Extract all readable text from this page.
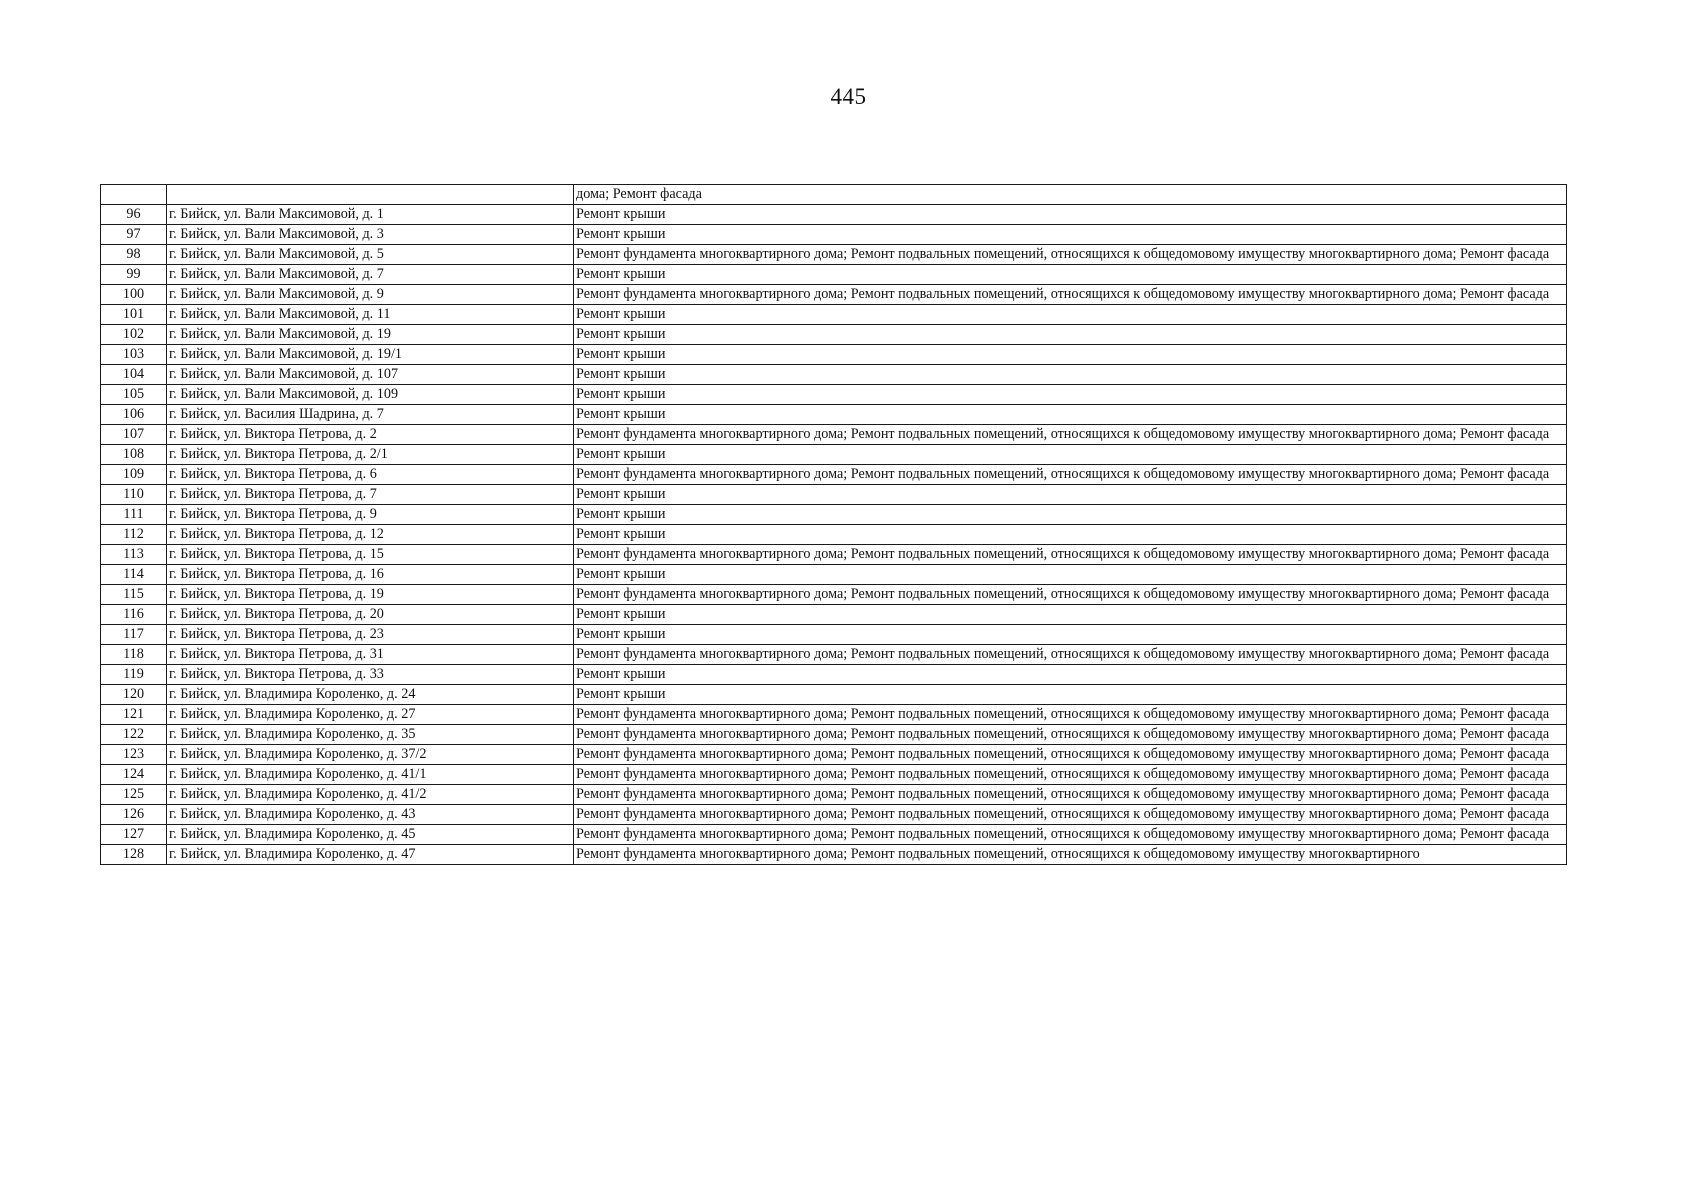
445
		дома; Ремонт фасада
96	г. Бийск, ул. Вали Максимовой, д. 1	Ремонт крыши
97	г. Бийск, ул. Вали Максимовой, д. 3	Ремонт крыши
98	г. Бийск, ул. Вали Максимовой, д. 5	Ремонт фундамента многоквартирного дома; Ремонт подвальных помещений, относящихся к общедомовому имуществу многоквартирного дома; Ремонт фасада
99	г. Бийск, ул. Вали Максимовой, д. 7	Ремонт крыши
100	г. Бийск, ул. Вали Максимовой, д. 9	Ремонт фундамента многоквартирного дома; Ремонт подвальных помещений, относящихся к общедомовому имуществу многоквартирного дома; Ремонт фасада
101	г. Бийск, ул. Вали Максимовой, д. 11	Ремонт крыши
102	г. Бийск, ул. Вали Максимовой, д. 19	Ремонт крыши
103	г. Бийск, ул. Вали Максимовой, д. 19/1	Ремонт крыши
104	г. Бийск, ул. Вали Максимовой, д. 107	Ремонт крыши
105	г. Бийск, ул. Вали Максимовой, д. 109	Ремонт крыши
106	г. Бийск, ул. Василия Шадрина, д. 7	Ремонт крыши
107	г. Бийск, ул. Виктора Петрова, д. 2	Ремонт фундамента многоквартирного дома; Ремонт подвальных помещений, относящихся к общедомовому имуществу многоквартирного дома; Ремонт фасада
108	г. Бийск, ул. Виктора Петрова, д. 2/1	Ремонт крыши
109	г. Бийск, ул. Виктора Петрова, д. 6	Ремонт фундамента многоквартирного дома; Ремонт подвальных помещений, относящихся к общедомовому имуществу многоквартирного дома; Ремонт фасада
110	г. Бийск, ул. Виктора Петрова, д. 7	Ремонт крыши
111	г. Бийск, ул. Виктора Петрова, д. 9	Ремонт крыши
112	г. Бийск, ул. Виктора Петрова, д. 12	Ремонт крыши
113	г. Бийск, ул. Виктора Петрова, д. 15	Ремонт фундамента многоквартирного дома; Ремонт подвальных помещений, относящихся к общедомовому имуществу многоквартирного дома; Ремонт фасада
114	г. Бийск, ул. Виктора Петрова, д. 16	Ремонт крыши
115	г. Бийск, ул. Виктора Петрова, д. 19	Ремонт фундамента многоквартирного дома; Ремонт подвальных помещений, относящихся к общедомовому имуществу многоквартирного дома; Ремонт фасада
116	г. Бийск, ул. Виктора Петрова, д. 20	Ремонт крыши
117	г. Бийск, ул. Виктора Петрова, д. 23	Ремонт крыши
118	г. Бийск, ул. Виктора Петрова, д. 31	Ремонт фундамента многоквартирного дома; Ремонт подвальных помещений, относящихся к общедомовому имуществу многоквартирного дома; Ремонт фасада
119	г. Бийск, ул. Виктора Петрова, д. 33	Ремонт крыши
120	г. Бийск, ул. Владимира Короленко, д. 24	Ремонт крыши
121	г. Бийск, ул. Владимира Короленко, д. 27	Ремонт фундамента многоквартирного дома; Ремонт подвальных помещений, относящихся к общедомовому имуществу многоквартирного дома; Ремонт фасада
122	г. Бийск, ул. Владимира Короленко, д. 35	Ремонт фундамента многоквартирного дома; Ремонт подвальных помещений, относящихся к общедомовому имуществу многоквартирного дома; Ремонт фасада
123	г. Бийск, ул. Владимира Короленко, д. 37/2	Ремонт фундамента многоквартирного дома; Ремонт подвальных помещений, относящихся к общедомовому имуществу многоквартирного дома; Ремонт фасада
124	г. Бийск, ул. Владимира Короленко, д. 41/1	Ремонт фундамента многоквартирного дома; Ремонт подвальных помещений, относящихся к общедомовому имуществу многоквартирного дома; Ремонт фасада
125	г. Бийск, ул. Владимира Короленко, д. 41/2	Ремонт фундамента многоквартирного дома; Ремонт подвальных помещений, относящихся к общедомовому имуществу многоквартирного дома; Ремонт фасада
126	г. Бийск, ул. Владимира Короленко, д. 43	Ремонт фундамента многоквартирного дома; Ремонт подвальных помещений, относящихся к общедомовому имуществу многоквартирного дома; Ремонт фасада
127	г. Бийск, ул. Владимира Короленко, д. 45	Ремонт фундамента многоквартирного дома; Ремонт подвальных помещений, относящихся к общедомовому имуществу многоквартирного дома; Ремонт фасада
128	г. Бийск, ул. Владимира Короленко, д. 47	Ремонт фундамента многоквартирного дома; Ремонт подвальных помещений, относящихся к общедомовому имуществу многоквартирного
